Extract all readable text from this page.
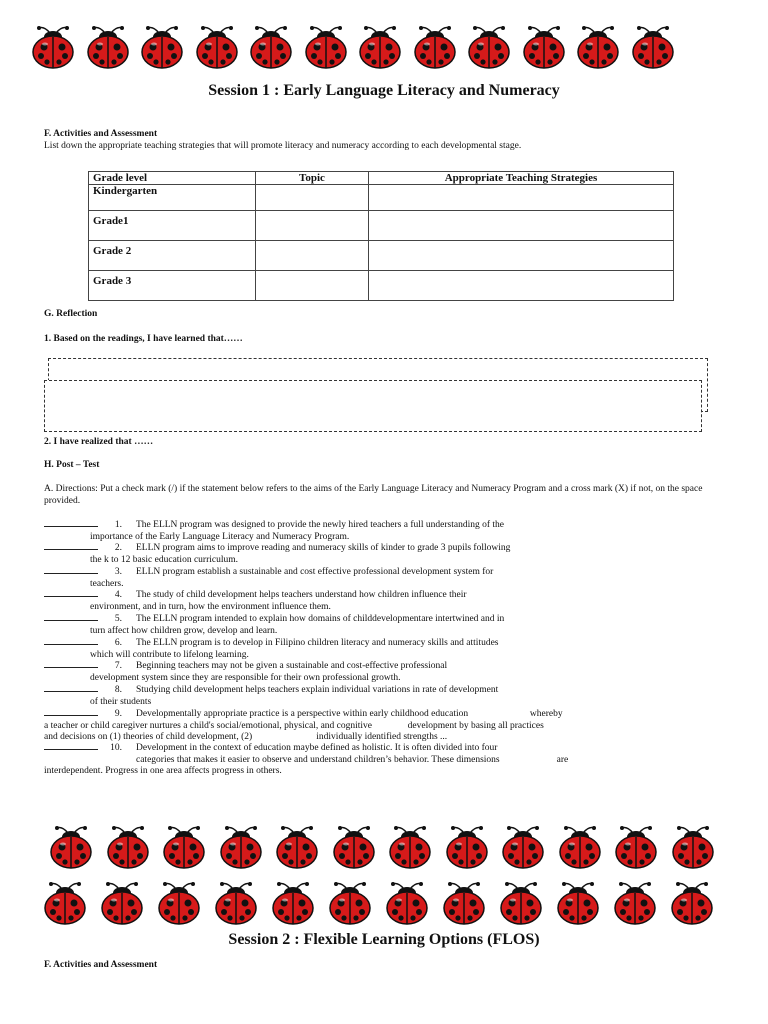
Session 1 : Early Language Literacy and Numeracy
F. Activities and Assessment
List down the appropriate teaching strategies that will promote literacy and numeracy according to each developmental stage.
Grade level	Topic	Appropriate Teaching Strategies
Kindergarten		
Grade1		
Grade 2		
Grade 3		
G. Reflection
1. Based on the readings, I have learned that……
2. I have realized that ……
H. Post – Test
A. Directions: Put a check mark (/) if the statement below refers to the aims of the Early Language Literacy and Numeracy Program and a cross mark (X) if not, on the space provided.
1. The ELLN program was designed to provide the newly hired teachers a full understanding of the
importance of the Early Language Literacy and Numeracy Program.
2. ELLN program aims to improve reading and numeracy skills of kinder to grade 3 pupils following
the k to 12 basic education curriculum.
3. ELLN program establish a sustainable and cost effective professional development system for
teachers.
4. The study of child development helps teachers understand how children influence their
environment, and in turn, how the environment influence them.
5. The ELLN program intended to explain how domains of childdevelopmentare intertwined and in
turn affect how children grow, develop and learn.
6. The ELLN program is to develop in Filipino children literacy and numeracy skills and attitudes
which will contribute to lifelong learning.
7. Beginning teachers may not be given a sustainable and cost-effective professional
development system since they are responsible for their own professional growth.
8. Studying child development helps teachers explain individual variations in rate of development
of their students
9. Developmentally appropriate practice is a perspective within early childhood education                          whereby
a teacher or child caregiver nurtures a child's social/emotional, physical, and cognitive               development by basing all practices
and decisions on (1) theories of child development, (2)                           individually identified strengths ...
10. Development in the context of education maybe defined as holistic. It is often divided into four
categories that makes it easier to observe and understand children’s behavior. These dimensions                        are
interdependent. Progress in one area affects progress in others.
Session 2 : Flexible Learning Options (FLOS)
F. Activities and Assessment
